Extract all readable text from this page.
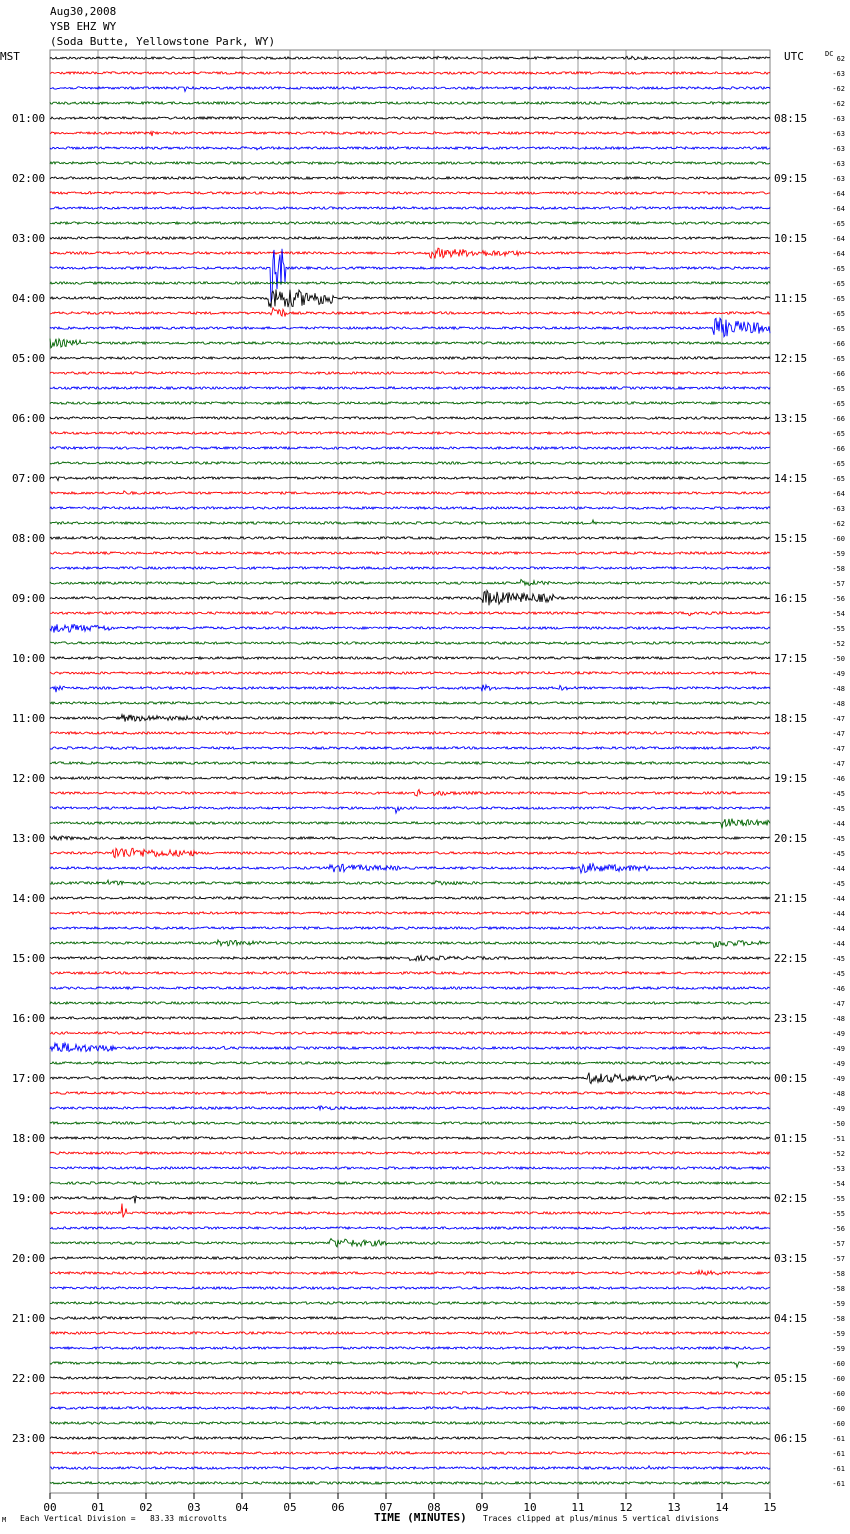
Aug30,2008
YSB EHZ WY
(Soda Butte, Yellowstone Park, WY)
00	01	02	03	04	05	06	07	08	09	10	11	12	13	14	15
62
-63
-62
-62
-63
-63
-63
-63
-63
-64
-64
-65
-64
-64
-65
-65
-65
-65
-65
-66
-65
-66
-65
-65
-66
-65
-66
-65
-65
-64
-63
-62
-60
-59
-58
-57
-56
-54
-55
-52
-50
-49
-48
-48
-47
-47
-47
-47
-46
-45
-45
-44
-45
-45
-44
-45
-44
-44
-44
-44
-45
-45
-46
-47
-48
-49
-49
-49
-49
-48
-49
-50
-51
-52
-53
-54
-55
-55
-56
-57
-57
-58
-58
-59
-58
-59
-59
-60
-60
-60
-60
-60
-61
-61
-61
-61
MST	UTC	DC
01:00
02:00
03:00
04:00
05:00
06:00
07:00
08:00
09:00
10:00
11:00
12:00
13:00
14:00
15:00
16:00
17:00
18:00
19:00
20:00
21:00
22:00
23:00
08:15
09:15
10:15
11:15
12:15
13:15
14:15
15:15
16:15
17:15
18:15
19:15
20:15
21:15
22:15
23:15
00:15
01:15
02:15
03:15
04:15
05:15
06:15
M Each Vertical Division =   83.33 microvolts	TIME (MINUTES) Traces clipped at plus/minus 5 vertical divisions
